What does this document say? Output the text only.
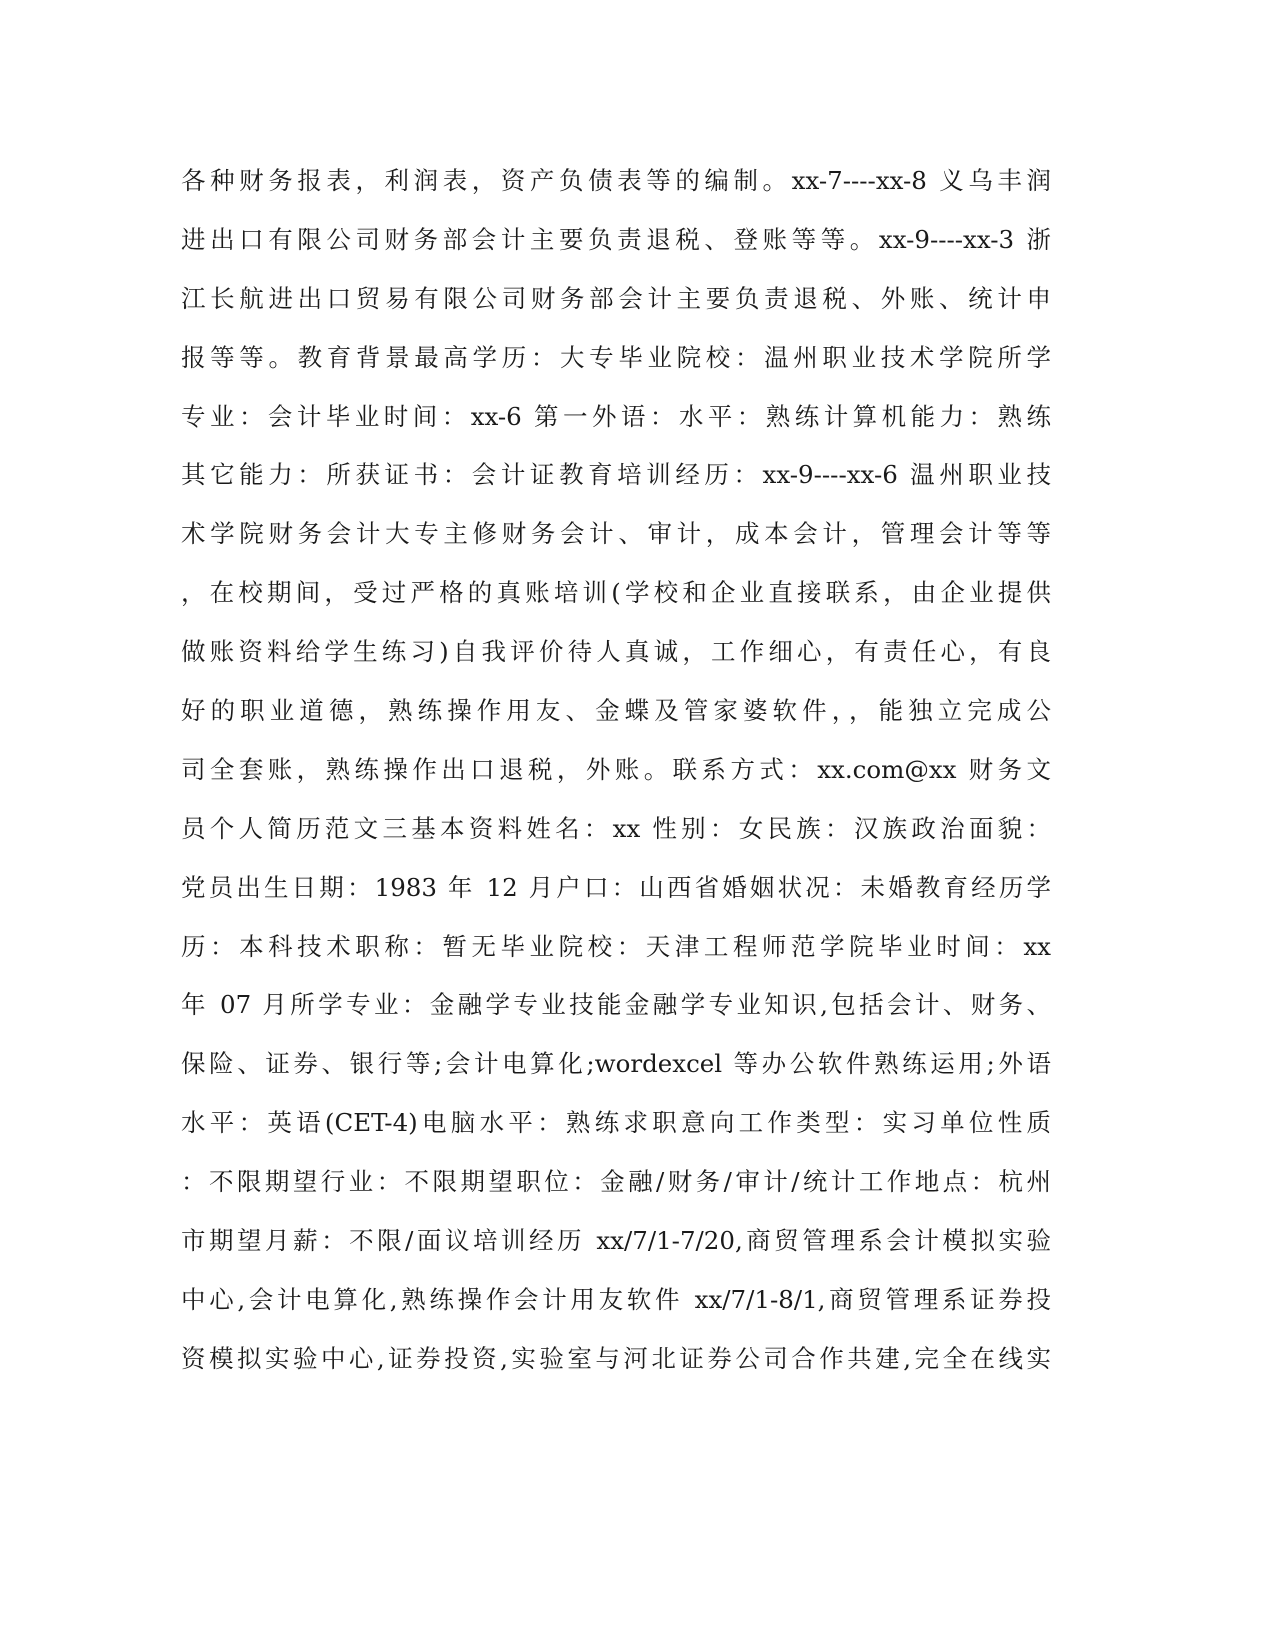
各种财务报表，利润表，资产负债表等的编制。xx-7----xx-8 义乌丰润
进出口有限公司财务部会计主要负责退税、登账等等。xx-9----xx-3 浙
江长航进出口贸易有限公司财务部会计主要负责退税、外账、统计申
报等等。教育背景最高学历：大专毕业院校：温州职业技术学院所学
专业：会计毕业时间：xx-6 第一外语：水平：熟练计算机能力：熟练
其它能力：所获证书：会计证教育培训经历：xx-9----xx-6 温州职业技
术学院财务会计大专主修财务会计、审计，成本会计，管理会计等等
，在校期间，受过严格的真账培训(学校和企业直接联系，由企业提供
做账资料给学生练习)自我评价待人真诚，工作细心，有责任心，有良
好的职业道德，熟练操作用友、金蝶及管家婆软件，，能独立完成公
司全套账，熟练操作出口退税，外账。联系方式：xx.com@xx 财务文
员个人简历范文三基本资料姓名：xx 性别：女民族：汉族政治面貌：
党员出生日期：1983 年 12 月户口：山西省婚姻状况：未婚教育经历学
历：本科技术职称：暂无毕业院校：天津工程师范学院毕业时间：xx
年 07 月所学专业：金融学专业技能金融学专业知识,包括会计、财务、
保险、证券、银行等;会计电算化;wordexcel 等办公软件熟练运用;外语
水平：英语(CET-4)电脑水平：熟练求职意向工作类型：实习单位性质
：不限期望行业：不限期望职位：金融/财务/审计/统计工作地点：杭州
市期望月薪：不限/面议培训经历 xx/7/1-7/20,商贸管理系会计模拟实验
中心,会计电算化,熟练操作会计用友软件 xx/7/1-8/1,商贸管理系证券投
资模拟实验中心,证券投资,实验室与河北证券公司合作共建,完全在线实
